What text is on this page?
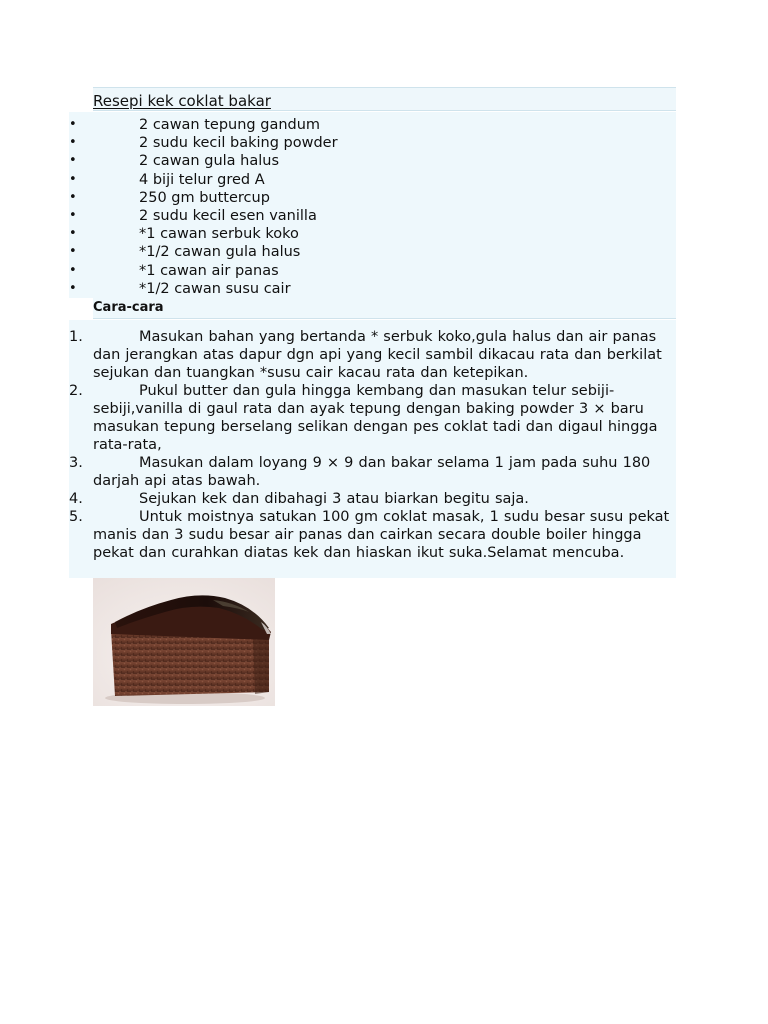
Resepi kek coklat bakar
•	2 cawan tepung gandum
•	2 sudu kecil baking powder
•	2 cawan gula halus
•	4 biji telur gred A
•	250 gm buttercup
•	2 sudu kecil esen vanilla
•	*1 cawan serbuk koko
•	*1/2 cawan gula halus
•	*1 cawan air panas
•	*1/2 cawan susu cair
Cara-cara
1.	Masukan bahan yang bertanda * serbuk koko,gula halus dan air panas dan jerangkan atas dapur dgn api yang kecil sambil dikacau rata dan berkilat sejukan dan tuangkan *susu cair kacau rata dan ketepikan.
2.	Pukul butter dan gula hingga kembang dan masukan telur sebiji-sebiji,vanilla di gaul rata dan ayak tepung dengan baking powder 3 × baru masukan tepung berselang selikan dengan pes coklat tadi dan digaul hingga rata-rata,
3.	Masukan dalam loyang 9 × 9 dan bakar selama 1 jam pada suhu 180 darjah api atas bawah.
4.	Sejukan kek dan dibahagi 3 atau biarkan begitu saja.
5.	Untuk moistnya satukan 100 gm coklat masak, 1 sudu besar susu pekat manis dan 3 sudu besar air panas dan cairkan secara double boiler hingga pekat dan curahkan diatas kek dan hiaskan ikut suka.Selamat mencuba.
